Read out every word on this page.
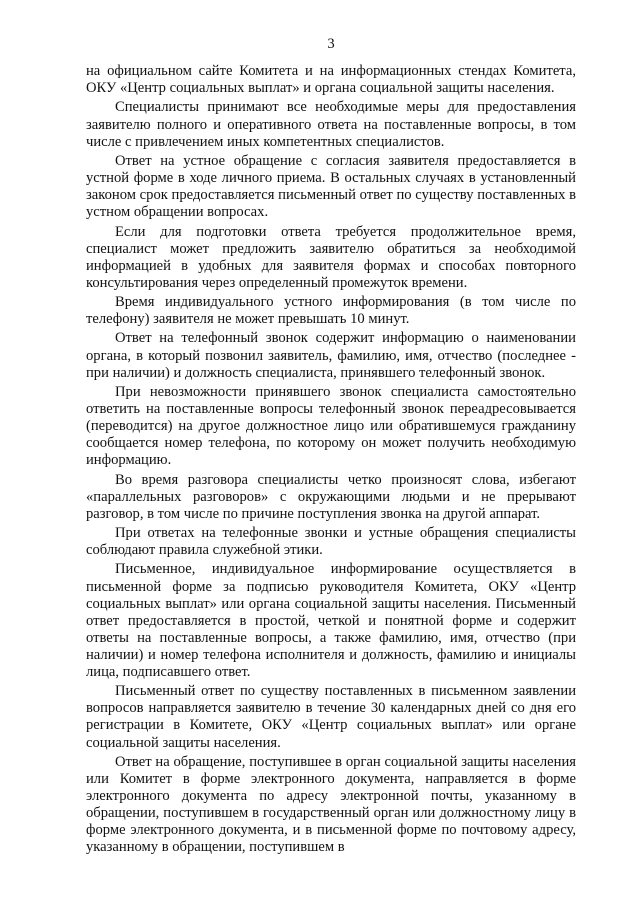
3

на официальном сайте Комитета и на информационных стендах Комитета, ОКУ «Центр социальных выплат» и органа социальной защиты населения.

Специалисты принимают все необходимые меры для предоставления заявителю полного и оперативного ответа на поставленные вопросы, в том числе с привлечением иных компетентных специалистов.

Ответ на устное обращение с согласия заявителя предоставляется в устной форме в ходе личного приема. В остальных случаях в установленный законом срок предоставляется письменный ответ по существу поставленных в устном обращении вопросах.

Если для подготовки ответа требуется продолжительное время, специалист может предложить заявителю обратиться за необходимой информацией в удобных для заявителя формах и способах повторного консультирования через определенный промежуток времени.

Время индивидуального устного информирования (в том числе по телефону) заявителя не может превышать 10 минут.

Ответ на телефонный звонок содержит информацию о наименовании органа, в который позвонил заявитель, фамилию, имя, отчество (последнее - при наличии) и должность специалиста, принявшего телефонный звонок.

При невозможности принявшего звонок специалиста самостоятельно ответить на поставленные вопросы телефонный звонок переадресовывается (переводится) на другое должностное лицо или обратившемуся гражданину сообщается номер телефона, по которому он может получить необходимую информацию.

Во время разговора специалисты четко произносят слова, избегают «параллельных разговоров» с окружающими людьми и не прерывают разговор, в том числе по причине поступления звонка на другой аппарат.

При ответах на телефонные звонки и устные обращения специалисты соблюдают правила служебной этики.

Письменное, индивидуальное информирование осуществляется в письменной форме за подписью руководителя Комитета, ОКУ «Центр социальных выплат» или органа социальной защиты населения. Письменный ответ предоставляется в простой, четкой и понятной форме и содержит ответы на поставленные вопросы, а также фамилию, имя, отчество (при наличии) и номер телефона исполнителя и должность, фамилию и инициалы лица, подписавшего ответ.

Письменный ответ по существу поставленных в письменном заявлении вопросов направляется заявителю в течение 30 календарных дней со дня его регистрации в Комитете, ОКУ «Центр социальных выплат» или органе социальной защиты населения.

Ответ на обращение, поступившее в орган социальной защиты населения или Комитет в форме электронного документа, направляется в форме электронного документа по адресу электронной почты, указанному в обращении, поступившем в государственный орган или должностному лицу в форме электронного документа, и в письменной форме по почтовому адресу, указанному в обращении, поступившем в
